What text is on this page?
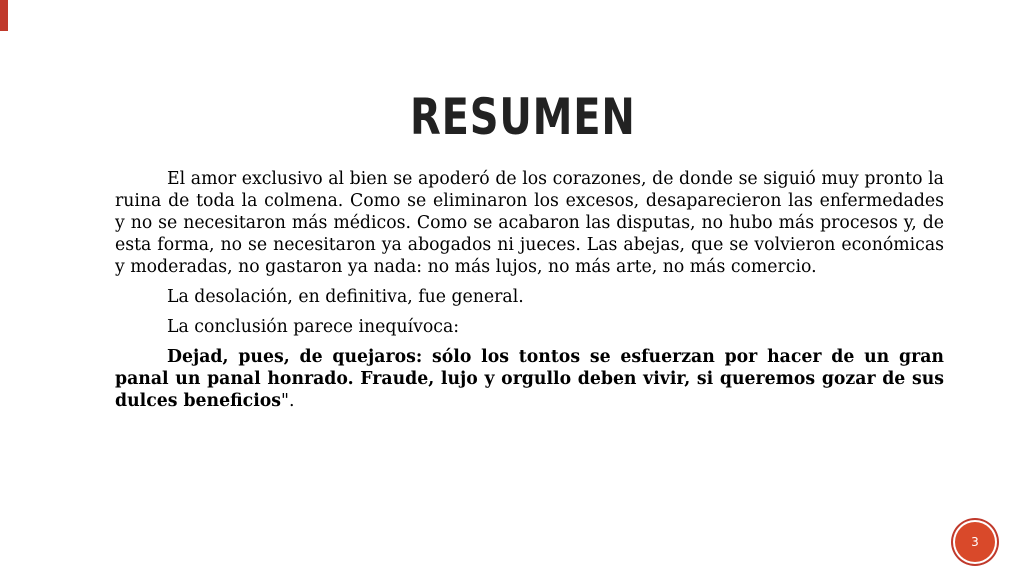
RESUMEN

El amor exclusivo al bien se apoderó de los corazones, de donde se siguió muy pronto la ruina de toda la colmena. Como se eliminaron los excesos, desaparecieron las enfermedades y no se necesitaron más médicos. Como se acabaron las disputas, no hubo más procesos y, de esta forma, no se necesitaron ya abogados ni jueces. Las abejas, que se volvieron económicas y moderadas, no gastaron ya nada: no más lujos, no más arte, no más comercio.

La desolación, en definitiva, fue general.

La conclusión parece inequívoca:

Dejad, pues, de quejaros: sólo los tontos se esfuerzan por hacer de un gran panal un panal honrado. Fraude, lujo y orgullo deben vivir, si queremos gozar de sus dulces beneficios".

3
